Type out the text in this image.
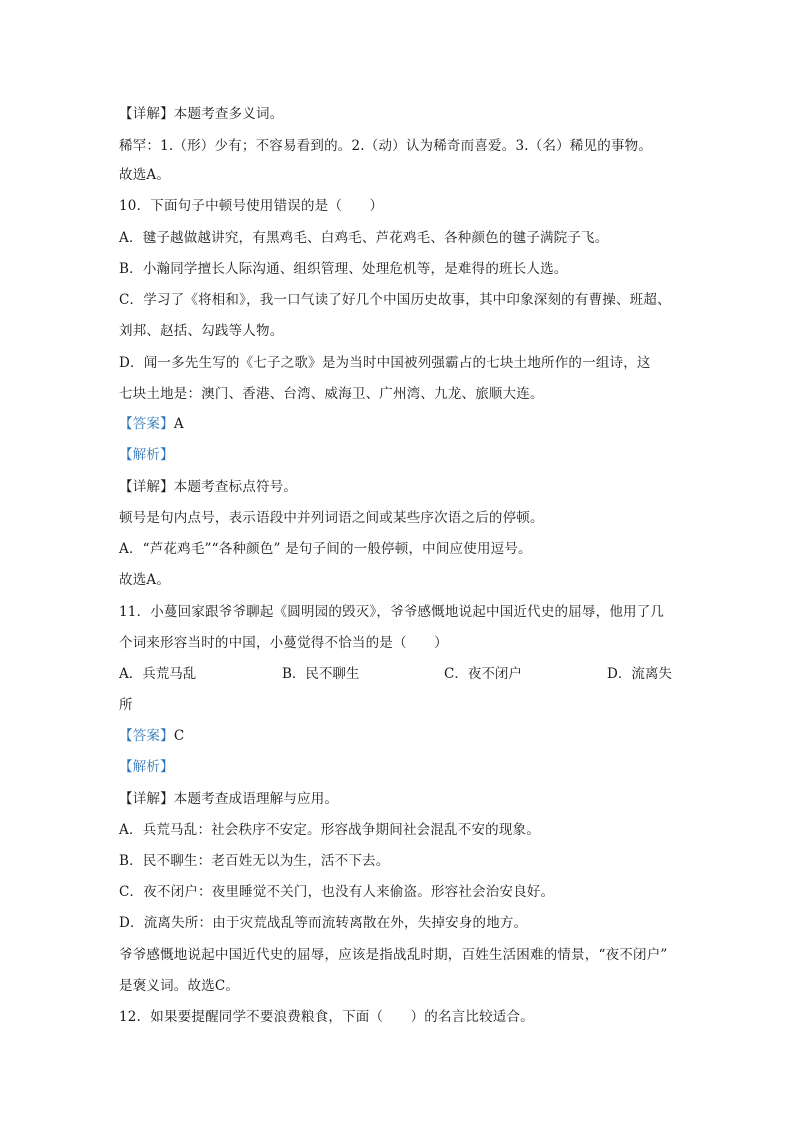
【详解】本题考查多义词。
稀罕：1.（形）少有；不容易看到的。2.（动）认为稀奇而喜爱。3.（名）稀见的事物。
故选A。
10．下面句子中顿号使用错误的是（　　）
A．毽子越做越讲究，有黑鸡毛、白鸡毛、芦花鸡毛、各种颜色的毽子满院子飞。
B．小瀚同学擅长人际沟通、组织管理、处理危机等，是难得的班长人选。
C．学习了《将相和》，我一口气读了好几个中国历史故事，其中印象深刻的有曹操、班超、
刘邦、赵括、勾践等人物。
D．闻一多先生写的《七子之歌》是为当时中国被列强霸占的七块土地所作的一组诗，这
七块土地是：澳门、香港、台湾、威海卫、广州湾、九龙、旅顺大连。
【答案】A
【解析】
【详解】本题考查标点符号。
顿号是句内点号，表示语段中并列词语之间或某些序次语之后的停顿。
A．“芦花鸡毛”“各种颜色” 是句子间的一般停顿，中间应使用逗号。
故选A。
11．小蔓回家跟爷爷聊起《圆明园的毁灭》，爷爷感慨地说起中国近代史的屈辱，他用了几
个词来形容当时的中国，小蔓觉得不恰当的是（　　）
A．兵荒马乱	B．民不聊生	C．夜不闭户	D．流离失
所
【答案】C
【解析】
【详解】本题考查成语理解与应用。
A．兵荒马乱：社会秩序不安定。形容战争期间社会混乱不安的现象。
B．民不聊生：老百姓无以为生，活不下去。
C．夜不闭户：夜里睡觉不关门，也没有人来偷盗。形容社会治安良好。
D．流离失所：由于灾荒战乱等而流转离散在外，失掉安身的地方。
爷爷感慨地说起中国近代史的屈辱，应该是指战乱时期，百姓生活困难的情景，“夜不闭户”
是褒义词。故选C。
12．如果要提醒同学不要浪费粮食，下面（　　）的名言比较适合。
